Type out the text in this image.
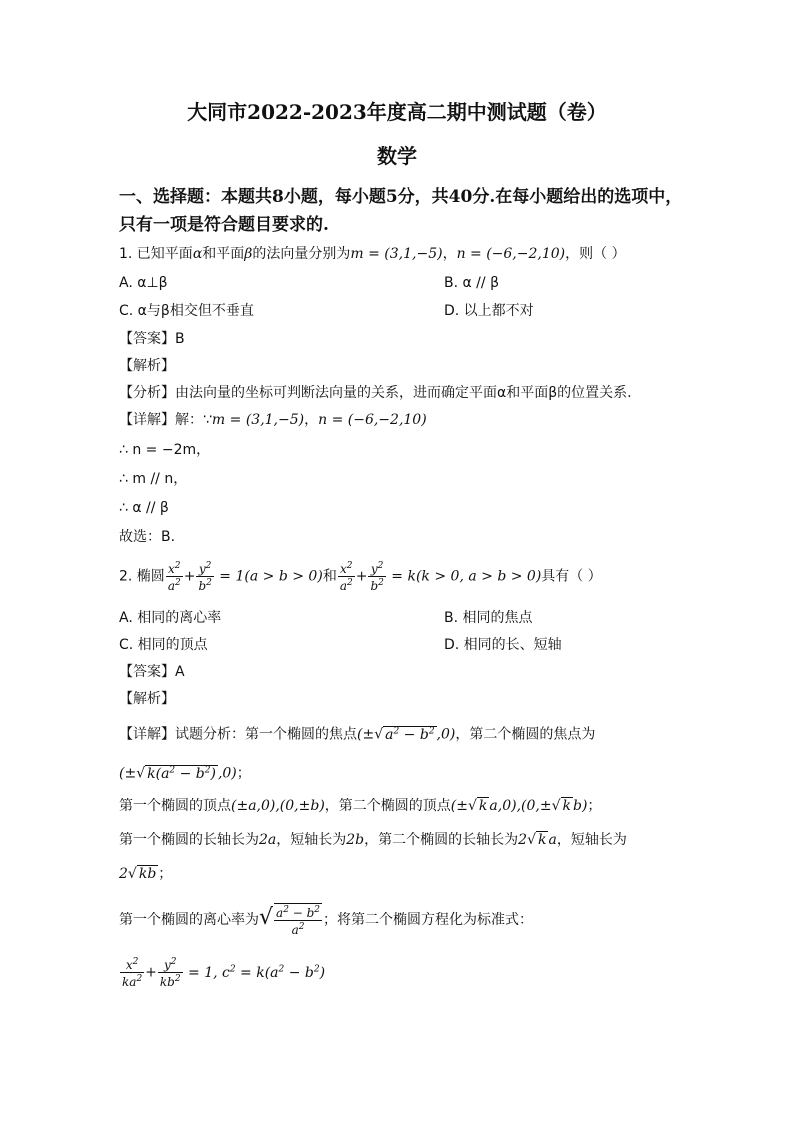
大同市2022-2023年度高二期中测试题（卷）
数学
一、选择题：本题共8小题，每小题5分，共40分.在每小题给出的选项中，
只有一项是符合题目要求的.
1. 已知平面α和平面β的法向量分别为m = (3,1,−5)，n = (−6,−2,10)，则（ ）
A. α⊥β	B. α // β
C. α与β相交但不垂直	D. 以上都不对
【答案】B
【解析】
【分析】由法向量的坐标可判断法向量的关系，进而确定平面α和平面β的位置关系.
【详解】解：∵m = (3,1,−5)，n = (−6,−2,10)
∴ n = −2m，
∴ m // n，
∴ α // β
故选：B.
2. 椭圆 $\frac{x^2}{a^2} + \frac{y^2}{b^2} = 1(a > b > 0)$和 $\frac{x^2}{a^2} + \frac{y^2}{b^2} = k(k > 0$, a > b > 0)具有（ ）
A. 相同的离心率	B. 相同的焦点
C. 相同的顶点	D. 相同的长、短轴
【答案】A
【解析】
【详解】试题分析：第一个椭圆的焦点(±√ $a^2 - b^2$ ,0)，第二个椭圆的焦点为
(±√ $k(a^2 - b^2)$ ,0)；
第一个椭圆的顶点(±a,0),(0,±b)，第二个椭圆的顶点(±√ k a,0),(0,±√ k b)；
第一个椭圆的长轴长为2a，短轴长为2b，第二个椭圆的长轴长为2√ k a，短轴长为
2√ kb ；
第一个椭圆的离心率为√ $\frac{a^2 - b^2}{a^2}$ ；将第二个椭圆方程化为标准式：
$\frac{x^2}{ka^2} + \frac{y^2}{kb^2} = 1$, $c^2 = k(a^2 - b^2)$
